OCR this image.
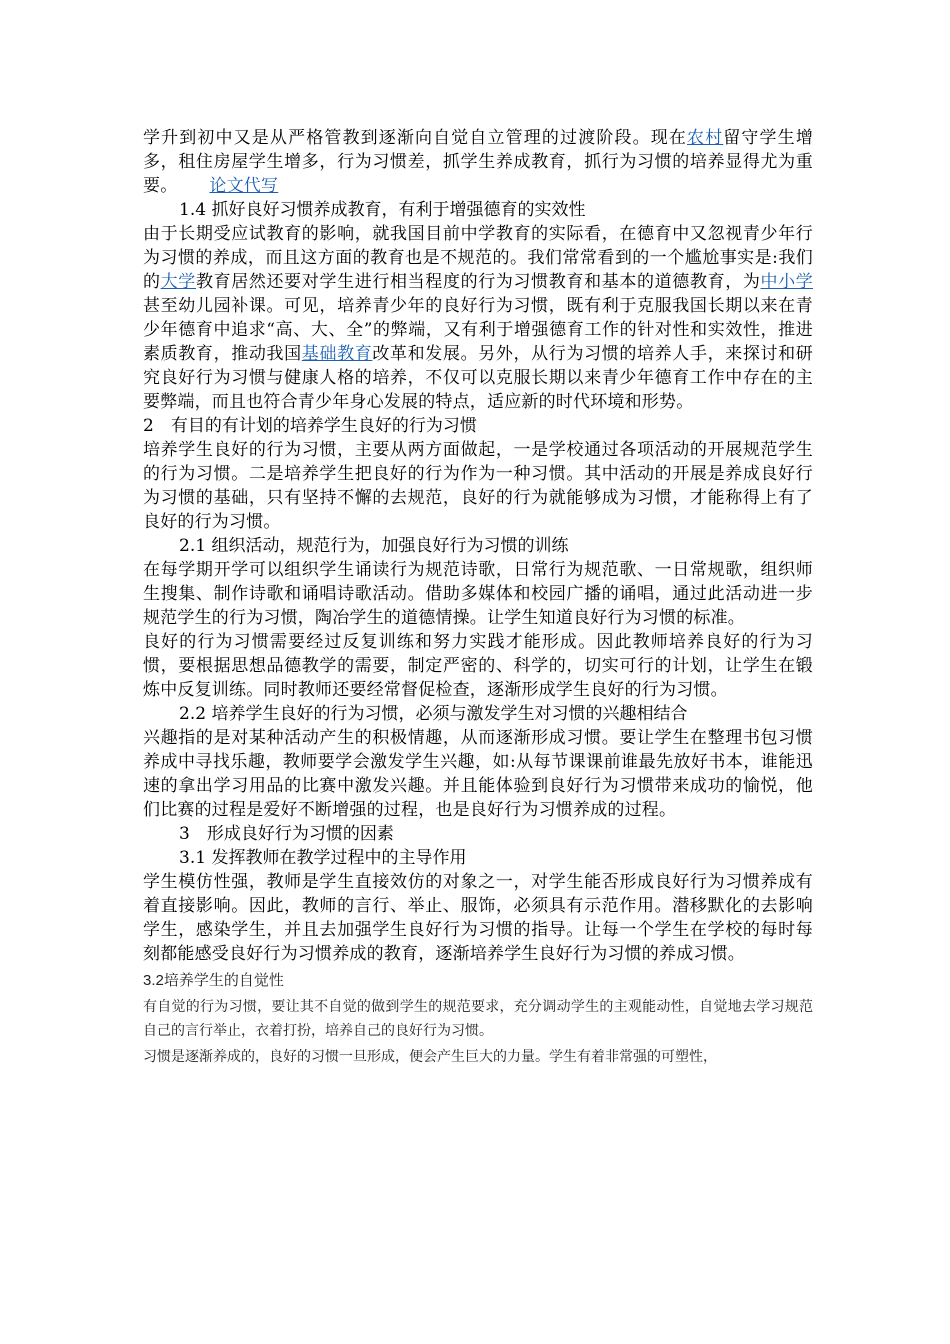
学升到初中又是从严格管教到逐渐向自觉自立管理的过渡阶段。现在农村留守学生增多，租住房屋学生增多，行为习惯差，抓学生养成教育，抓行为习惯的培养显得尤为重要。 论文代写

1.4 抓好良好习惯养成教育，有利于增强德育的实效性

由于长期受应试教育的影响，就我国目前中学教育的实际看，在德育中又忽视青少年行为习惯的养成，而且这方面的教育也是不规范的。我们常常看到的一个尴尬事实是:我们的大学教育居然还要对学生进行相当程度的行为习惯教育和基本的道德教育，为中小学甚至幼儿园补课。可见，培养青少年的良好行为习惯，既有利于克服我国长期以来在青少年德育中追求“高、大、全”的弊端，又有利于增强德育工作的针对性和实效性，推进素质教育，推动我国基础教育改革和发展。另外，从行为习惯的培养人手，来探讨和研究良好行为习惯与健康人格的培养，不仅可以克服长期以来青少年德育工作中存在的主要弊端，而且也符合青少年身心发展的特点，适应新的时代环境和形势。

2　有目的有计划的培养学生良好的行为习惯

培养学生良好的行为习惯，主要从两方面做起，一是学校通过各项活动的开展规范学生的行为习惯。二是培养学生把良好的行为作为一种习惯。其中活动的开展是养成良好行为习惯的基础，只有坚持不懈的去规范，良好的行为就能够成为习惯，才能称得上有了良好的行为习惯。

2.1 组织活动，规范行为，加强良好行为习惯的训练

在每学期开学可以组织学生诵读行为规范诗歌，日常行为规范歌、一日常规歌，组织师生搜集、制作诗歌和诵唱诗歌活动。借助多媒体和校园广播的诵唱，通过此活动进一步规范学生的行为习惯，陶冶学生的道德情操。让学生知道良好行为习惯的标准。

良好的行为习惯需要经过反复训练和努力实践才能形成。因此教师培养良好的行为习惯，要根据思想品德教学的需要，制定严密的、科学的，切实可行的计划，让学生在锻炼中反复训练。同时教师还要经常督促检查，逐渐形成学生良好的行为习惯。

2.2 培养学生良好的行为习惯，必须与激发学生对习惯的兴趣相结合

兴趣指的是对某种活动产生的积极情趣，从而逐渐形成习惯。要让学生在整理书包习惯养成中寻找乐趣，教师要学会激发学生兴趣，如:从每节课课前谁最先放好书本，谁能迅速的拿出学习用品的比赛中激发兴趣。并且能体验到良好行为习惯带来成功的愉悦，他们比赛的过程是爱好不断增强的过程，也是良好行为习惯养成的过程。

3　形成良好行为习惯的因素

3.1 发挥教师在教学过程中的主导作用

学生模仿性强，教师是学生直接效仿的对象之一，对学生能否形成良好行为习惯养成有着直接影响。因此，教师的言行、举止、服饰，必须具有示范作用。潜移默化的去影响学生，感染学生，并且去加强学生良好行为习惯的指导。让每一个学生在学校的每时每刻都能感受良好行为习惯养成的教育，逐渐培养学生良好行为习惯的养成习惯。

3.2培养学生的自觉性

有自觉的行为习惯，要让其不自觉的做到学生的规范要求，充分调动学生的主观能动性，自觉地去学习规范自己的言行举止，衣着打扮，培养自己的良好行为习惯。

习惯是逐渐养成的，良好的习惯一旦形成，便会产生巨大的力量。学生有着非常强的可塑性，
